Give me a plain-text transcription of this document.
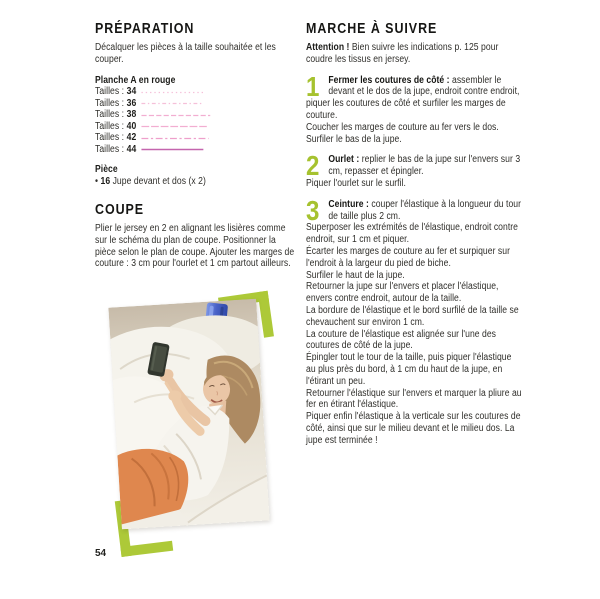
PRÉPARATION

Décalquer les pièces à la taille souhaitée et les couper.

Planche A en rouge

Tailles : 34
Tailles : 36
Tailles : 38
Tailles : 40
Tailles : 42
Tailles : 44

Pièce

• 16 Jupe devant et dos (x 2)

COUPE

Plier le jersey en 2 en alignant les lisières comme sur le schéma du plan de coupe. Positionner la pièce selon le plan de coupe. Ajouter les marges de couture : 3 cm pour l'ourlet et 1 cm partout ailleurs.

MARCHE À SUIVRE

Attention ! Bien suivre les indications p. 125 pour coudre les tissus en jersey.

1 Fermer les coutures de côté : assembler le devant et le dos de la jupe, endroit contre endroit, piquer les coutures de côté et surfiler les marges de couture.

Coucher les marges de couture au fer vers le dos.

Surfiler le bas de la jupe.

2 Ourlet : replier le bas de la jupe sur l'envers sur 3 cm, repasser et épingler.

Piquer l'ourlet sur le surfil.

3 Ceinture : couper l'élastique à la longueur du tour de taille plus 2 cm.

Superposer les extrémités de l'élastique, endroit contre endroit, sur 1 cm et piquer.

Écarter les marges de couture au fer et surpiquer sur l'endroit à la largeur du pied de biche.

Surfiler le haut de la jupe.

Retourner la jupe sur l'envers et placer l'élastique, envers contre endroit, autour de la taille.

La bordure de l'élastique et le bord surfilé de la taille se chevauchent sur environ 1 cm.

La couture de l'élastique est alignée sur l'une des coutures de côté de la jupe.

Épingler tout le tour de la taille, puis piquer l'élastique au plus près du bord, à 1 cm du haut de la jupe, en l'étirant un peu.

Retourner l'élastique sur l'envers et marquer la pliure au fer en étirant l'élastique.

Piquer enfin l'élastique à la verticale sur les coutures de côté, ainsi que sur le milieu devant et le milieu dos. La jupe est terminée !

54
